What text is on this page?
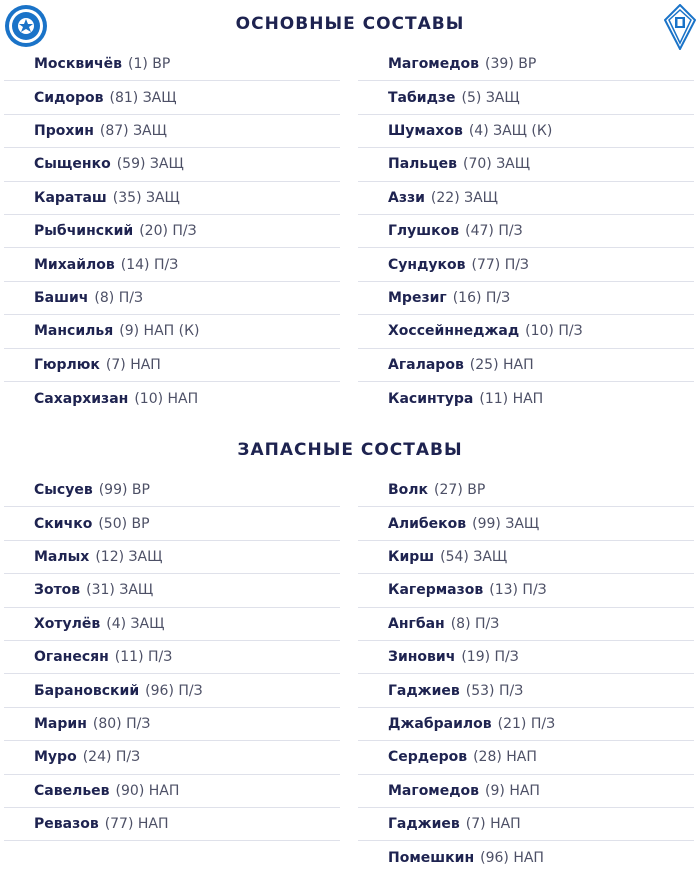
ОСНОВНЫЕ СОСТАВЫ
Москвичёв (1) ВР
Сидоров (81) ЗАЩ
Прохин (87) ЗАЩ
Сыщенко (59) ЗАЩ
Караташ (35) ЗАЩ
Рыбчинский (20) П/З
Михайлов (14) П/З
Башич (8) П/З
Мансилья (9) НАП (К)
Гюрлюк (7) НАП
Сахархизан (10) НАП
Магомедов (39) ВР
Табидзе (5) ЗАЩ
Шумахов (4) ЗАЩ (К)
Пальцев (70) ЗАЩ
Аззи (22) ЗАЩ
Глушков (47) П/З
Сундуков (77) П/З
Мрезиг (16) П/З
Хоссейннеджад (10) П/З
Агаларов (25) НАП
Касинтура (11) НАП
ЗАПАСНЫЕ СОСТАВЫ
Сысуев (99) ВР
Скичко (50) ВР
Малых (12) ЗАЩ
Зотов (31) ЗАЩ
Хотулёв (4) ЗАЩ
Оганесян (11) П/З
Барановский (96) П/З
Марин (80) П/З
Муро (24) П/З
Савельев (90) НАП
Ревазов (77) НАП
Волк (27) ВР
Алибеков (99) ЗАЩ
Кирш (54) ЗАЩ
Кагермазов (13) П/З
Ангбан (8) П/З
Зинович (19) П/З
Гаджиев (53) П/З
Джабраилов (21) П/З
Сердеров (28) НАП
Магомедов (9) НАП
Гаджиев (7) НАП
Помешкин (96) НАП
